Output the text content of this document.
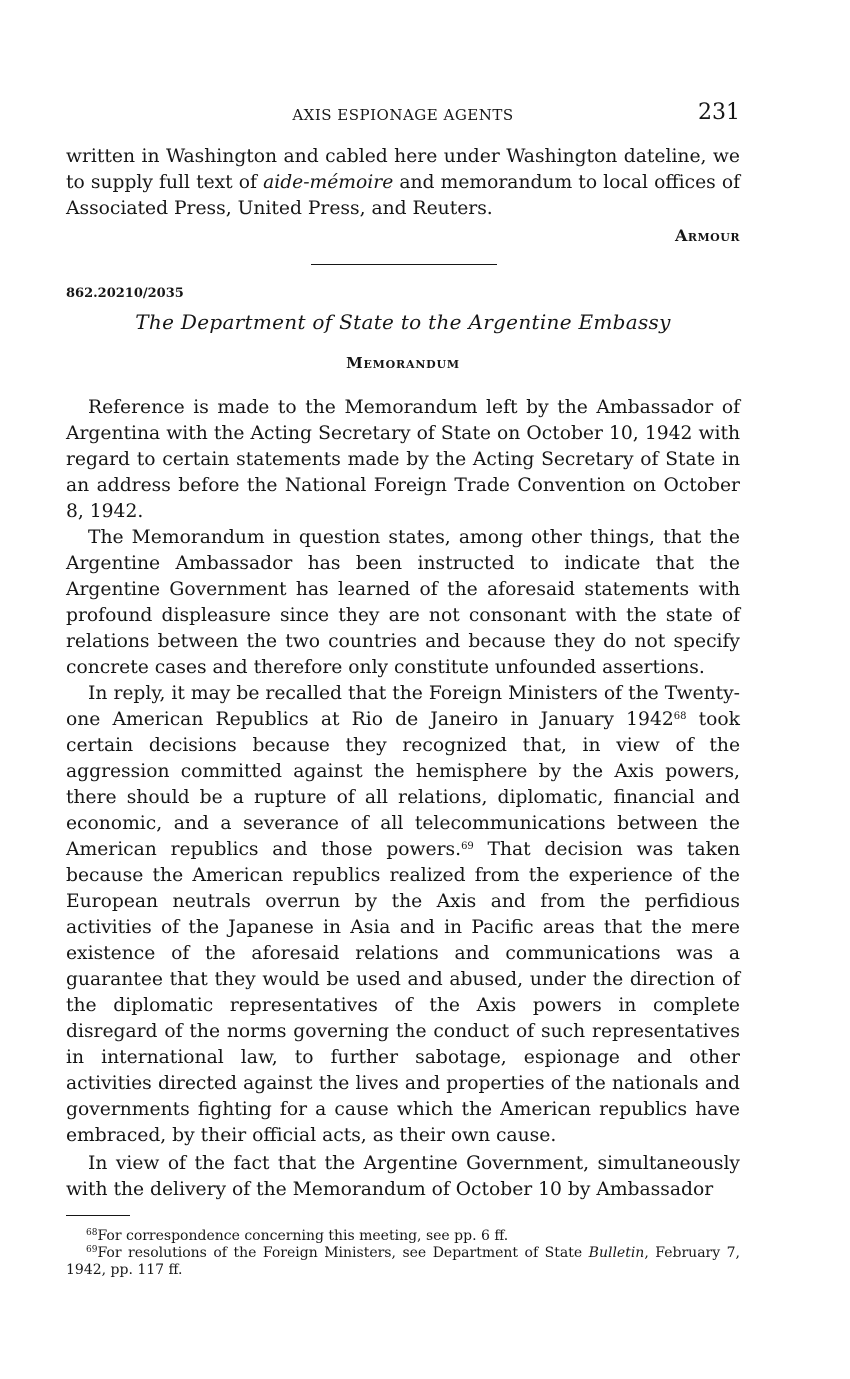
AXIS ESPIONAGE AGENTS	231

written in Washington and cabled here under Washington dateline, we to supply full text of aide-mémoire and memorandum to local offices of Associated Press, United Press, and Reuters.

Armour
862.20210/2035
The Department of State to the Argentine Embassy
Memorandum

Reference is made to the Memorandum left by the Ambassador of Argentina with the Acting Secretary of State on October 10, 1942 with regard to certain statements made by the Acting Secretary of State in an address before the National Foreign Trade Convention on October 8, 1942.

The Memorandum in question states, among other things, that the Argentine Ambassador has been instructed to indicate that the Argentine Government has learned of the aforesaid statements with profound displeasure since they are not consonant with the state of relations between the two countries and because they do not specify concrete cases and therefore only constitute unfounded assertions.

In reply, it may be recalled that the Foreign Ministers of the Twenty-one American Republics at Rio de Janeiro in January 1942$^{68}$ took certain decisions because they recognized that, in view of the aggression committed against the hemisphere by the Axis powers, there should be a rupture of all relations, diplomatic, financial and economic, and a severance of all telecommunications between the American republics and those powers.$^{69}$ That decision was taken because the American republics realized from the experience of the European neutrals overrun by the Axis and from the perfidious activities of the Japanese in Asia and in Pacific areas that the mere existence of the aforesaid relations and communications was a guarantee that they would be used and abused, under the direction of the diplomatic representatives of the Axis powers in complete disregard of the norms governing the conduct of such representatives in international law, to further sabotage, espionage and other activities directed against the lives and properties of the nationals and governments fighting for a cause which the American republics have embraced, by their official acts, as their own cause.

In view of the fact that the Argentine Government, simultaneously with the delivery of the Memorandum of October 10 by Ambassador

$^{68}$For correspondence concerning this meeting, see pp. 6 ff.

$^{69}$For resolutions of the Foreign Ministers, see Department of State Bulletin, February 7, 1942, pp. 117 ff.
